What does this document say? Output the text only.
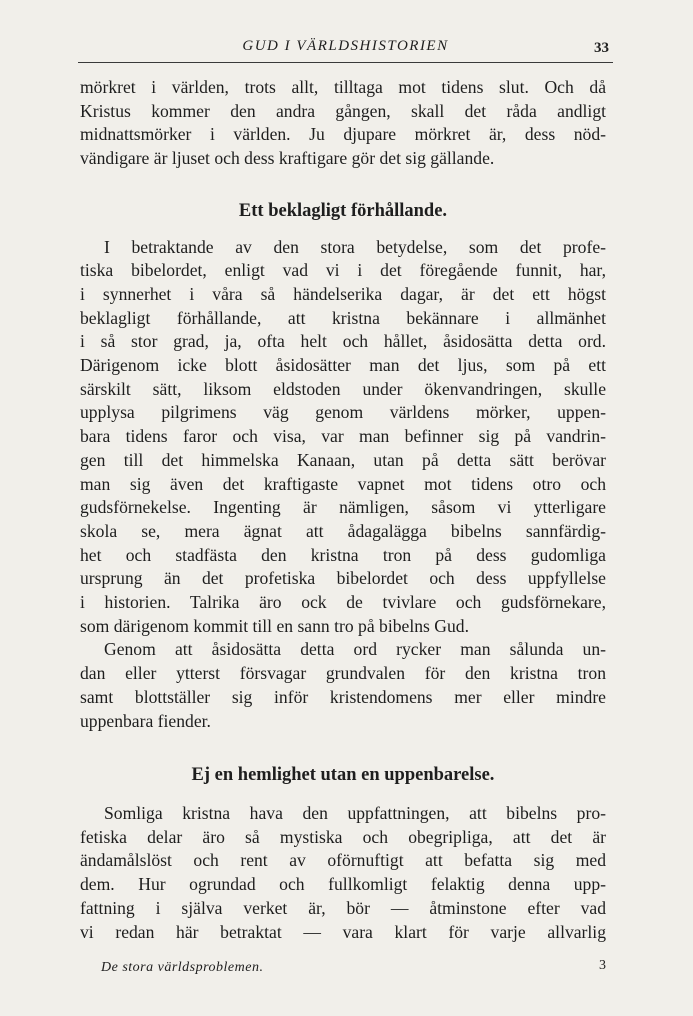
GUD I VÄRLDSHISTORIEN	33
mörkret i världen, trots allt, tilltaga mot tidens slut. Och då
Kristus kommer den andra gången, skall det råda andligt
midnattsmörker i världen. Ju djupare mörkret är, dess nöd-
vändigare är ljuset och dess kraftigare gör det sig gällande.
Ett beklagligt förhållande.
I betraktande av den stora betydelse, som det profe-
tiska bibelordet, enligt vad vi i det föregående funnit, har,
i synnerhet i våra så händelserika dagar, är det ett högst
beklagligt förhållande, att kristna bekännare i allmänhet
i så stor grad, ja, ofta helt och hållet, åsidosätta detta ord.
Därigenom icke blott åsidosätter man det ljus, som på ett
särskilt sätt, liksom eldstoden under ökenvandringen, skulle
upplysa pilgrimens väg genom världens mörker, uppen-
bara tidens faror och visa, var man befinner sig på vandrin-
gen till det himmelska Kanaan, utan på detta sätt berövar
man sig även det kraftigaste vapnet mot tidens otro och
gudsförnekelse. Ingenting är nämligen, såsom vi ytterligare
skola se, mera ägnat att ådagalägga bibelns sannfärdig-
het och stadfästa den kristna tron på dess gudomliga
ursprung än det profetiska bibelordet och dess uppfyllelse
i historien. Talrika äro ock de tvivlare och gudsförnekare,
som därigenom kommit till en sann tro på bibelns Gud.
Genom att åsidosätta detta ord rycker man sålunda un-
dan eller ytterst försvagar grundvalen för den kristna tron
samt blottställer sig inför kristendomens mer eller mindre
uppenbara fiender.
Ej en hemlighet utan en uppenbarelse.
Somliga kristna hava den uppfattningen, att bibelns pro-
fetiska delar äro så mystiska och obegripliga, att det är
ändamålslöst och rent av oförnuftigt att befatta sig med
dem. Hur ogrundad och fullkomligt felaktig denna upp-
fattning i själva verket är, bör — åtminstone efter vad
vi redan här betraktat — vara klart för varje allvarlig
De stora världsproblemen.	3
